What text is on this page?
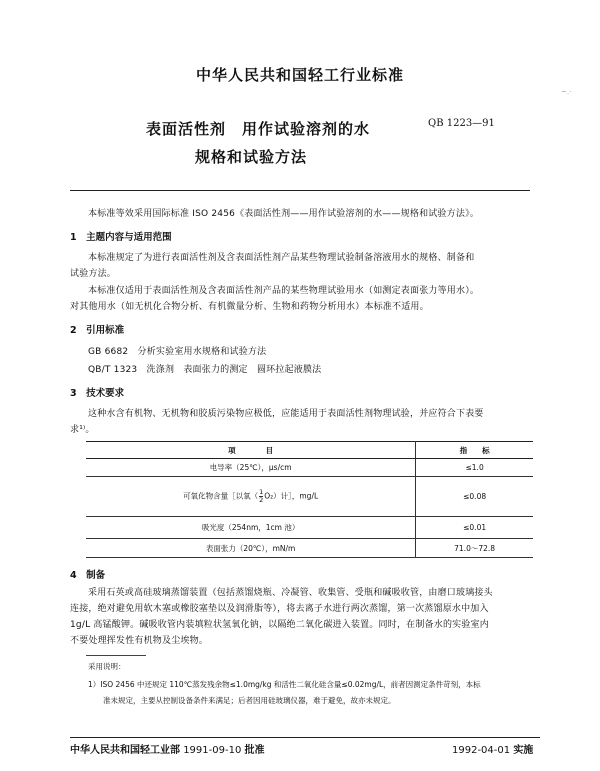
~.·
中华人民共和国轻工行业标准
表面活性剂　用作试验溶剂的水	QB 1223—91
规格和试验方法
本标准等效采用国际标准 ISO 2456《表面活性剂——用作试验溶剂的水——规格和试验方法》。
1　主题内容与适用范围
本标准规定了为进行表面活性剂及含表面活性剂产品某些物理试验制备溶液用水的规格、制备和
试验方法。
本标准仅适用于表面活性剂及含表面活性剂产品的某些物理试验用水（如测定表面张力等用水）。
对其他用水（如无机化合物分析、有机微量分析、生物和药物分析用水）本标准不适用。
2　引用标准
GB 6682　分析实验室用水规格和试验方法
QB/T 1323　洗涤剂　表面张力的测定　圆环拉起液膜法
3　技术要求
这种水含有机物、无机物和胶质污染物应极低，应能适用于表面活性剂物理试验，并应符合下表要
求¹⁾。
项　　　　目	指　　标
电导率（25℃），μs/cm	≤1.0
可氧化物含量［以氧（ $\frac{1}{2} O_2$）计］，mg/L	≤0.08
吸光度（254nm，1cm 池）	≤0.01
表面张力（20℃），mN/m	71.0～72.8
4　制备
采用石英或高硅玻璃蒸馏装置（包括蒸馏烧瓶、冷凝管、收集管、受瓶和碱吸收管，由磨口玻璃接头
连接，绝对避免用软木塞或橡胶塞垫以及润滑脂等），将去离子水进行两次蒸馏，第一次蒸馏原水中加入
1g/L 高锰酸钾。碱吸收管内装填粒状氢氧化钠，以隔绝二氧化碳进入装置。同时，在制备水的实验室内
不要处理挥发性有机物及尘埃物。
采用说明：
1）ISO 2456 中还规定 110℃蒸发残余物≤1.0mg/kg 和活性二氧化硅含量≤0.02mg/L，前者因测定条件苛刻，本标
准未规定，主要从控制设备条件来满足；后者因用硅玻璃仪器，难于避免，故亦未规定。
中华人民共和国轻工业部 1991-09-10 批准	1992-04-01 实施
